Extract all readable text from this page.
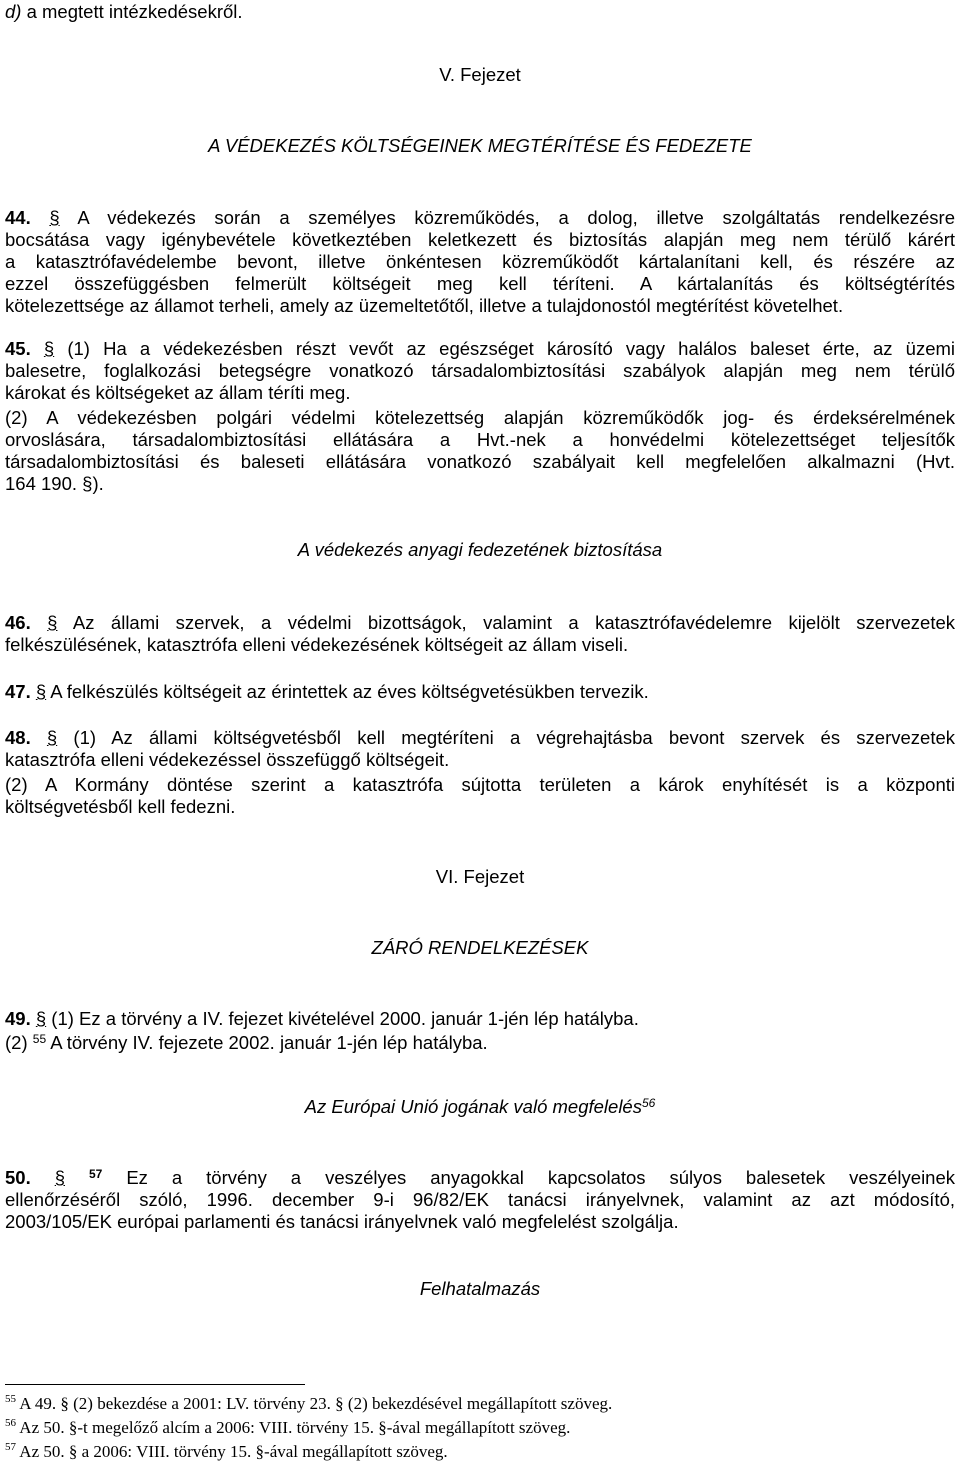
d) a megtett intézkedésekről.
V. Fejezet
A VÉDEKEZÉS KÖLTSÉGEINEK MEGTÉRÍTÉSE ÉS FEDEZETE
44. § A védekezés során a személyes közreműködés, a dolog, illetve szolgáltatás rendelkezésre
bocsátása vagy igénybevétele következtében keletkezett és biztosítás alapján meg nem térülő kárért
a katasztrófavédelembe bevont, illetve önkéntesen közreműködőt kártalanítani kell, és részére az
ezzel összefüggésben felmerült költségeit meg kell téríteni. A kártalanítás és költségtérítés
kötelezettsége az államot terheli, amely az üzemeltetőtől, illetve a tulajdonostól megtérítést követelhet.
45. § (1) Ha a védekezésben részt vevőt az egészséget károsító vagy halálos baleset érte, az üzemi
balesetre, foglalkozási betegségre vonatkozó társadalombiztosítási szabályok alapján meg nem térülő
károkat és költségeket az állam téríti meg.
(2) A védekezésben polgári védelmi kötelezettség alapján közreműködők jog- és érdeksérelmének
orvoslására, társadalombiztosítási ellátására a Hvt.-nek a honvédelmi kötelezettséget teljesítők
társadalombiztosítási és baleseti ellátására vonatkozó szabályait kell megfelelően alkalmazni (Hvt.
164 190. §).
A védekezés anyagi fedezetének biztosítása
46. § Az állami szervek, a védelmi bizottságok, valamint a katasztrófavédelemre kijelölt szervezetek
felkészülésének, katasztrófa elleni védekezésének költségeit az állam viseli.
47. § A felkészülés költségeit az érintettek az éves költségvetésükben tervezik.
48. § (1) Az állami költségvetésből kell megtéríteni a végrehajtásba bevont szervek és szervezetek
katasztrófa elleni védekezéssel összefüggő költségeit.
(2) A Kormány döntése szerint a katasztrófa sújtotta területen a károk enyhítését is a központi
költségvetésből kell fedezni.
VI. Fejezet
ZÁRÓ RENDELKEZÉSEK
49. § (1) Ez a törvény a IV. fejezet kivételével 2000. január 1-jén lép hatályba.
(2) $^{55}$ A törvény IV. fejezete 2002. január 1-jén lép hatályba.
Az Európai Unió jogának való megfelelés$^{56}$
50. § $^{57}$ Ez a törvény a veszélyes anyagokkal kapcsolatos súlyos balesetek veszélyeinek
ellenőrzéséről szóló, 1996. december 9-i 96/82/EK tanácsi irányelvnek, valamint az azt módosító,
2003/105/EK európai parlamenti és tanácsi irányelvnek való megfelelést szolgálja.
Felhatalmazás
$^{55}$ A 49. § (2) bekezdése a 2001: LV. törvény 23. § (2) bekezdésével megállapított szöveg.
$^{56}$ Az 50. §-t megelőző alcím a 2006: VIII. törvény 15. §-ával megállapított szöveg.
$^{57}$ Az 50. § a 2006: VIII. törvény 15. §-ával megállapított szöveg.
